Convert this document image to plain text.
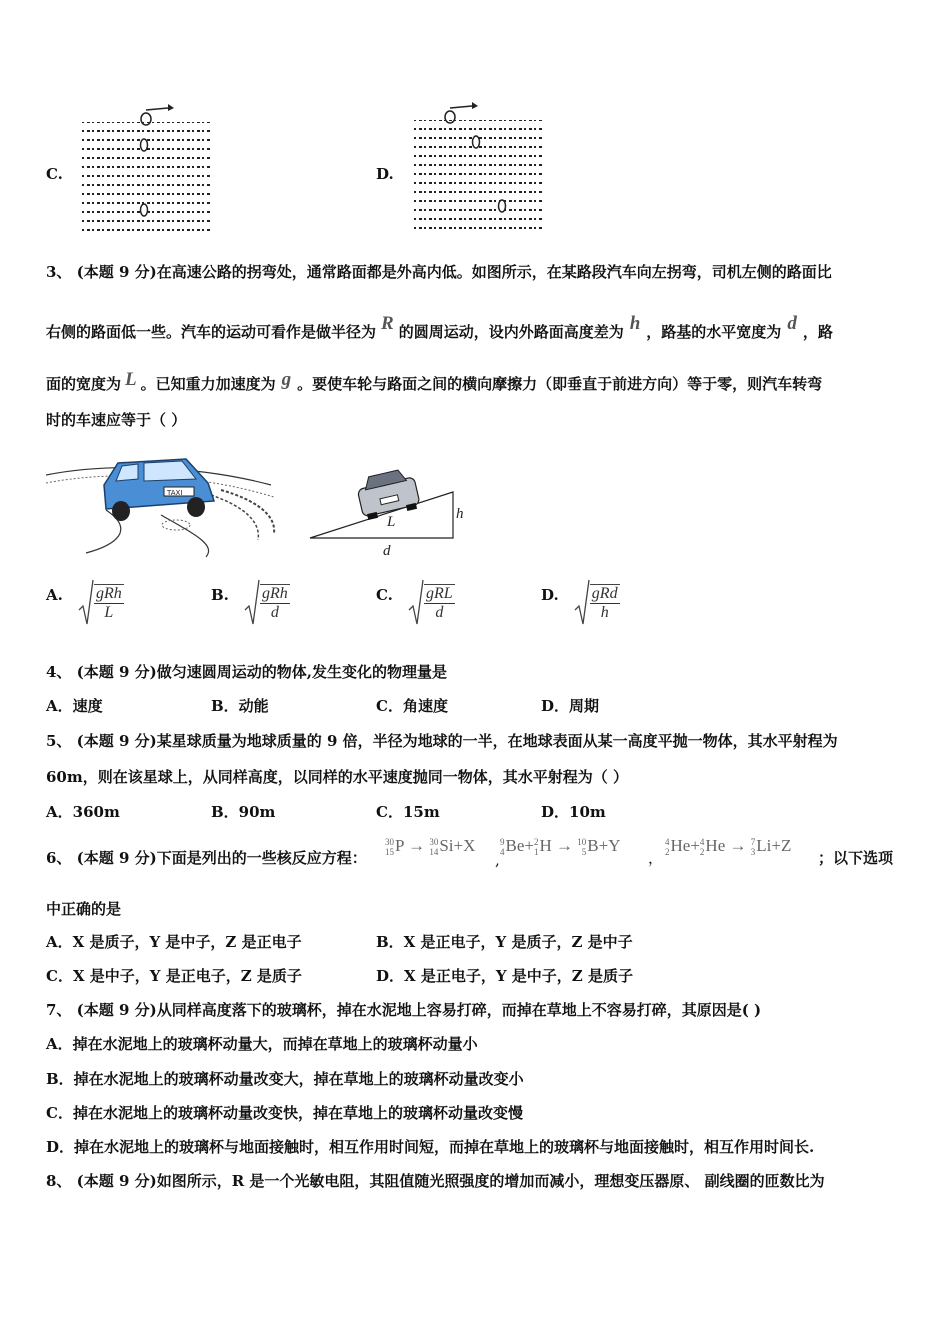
C.	D.
3、 (本题 9 分)在高速公路的拐弯处，通常路面都是外高内低。如图所示，在某路段汽车向左拐弯，司机左侧的路面比
右侧的路面低一些。汽车的运动可看作是做半径为 R 的圆周运动，设内外路面高度差为 h ，路基的水平宽度为 d ，路
面的宽度为 L 。已知重力加速度为 g 。要使车轮与路面之间的横向摩擦力（即垂直于前进方向）等于零，则汽车转弯
时的车速应等于（ ）
TAXI
L	h
d
A. $\frac{\text{gRh}}{L}$	B. $\frac{\text{gRh}}{d}$	C. $\frac{\text{gRL}}{d}$	D. $\frac{\text{gRd}}{h}$
4、 (本题 9 分)做匀速圆周运动的物体,发生变化的物理量是
A．速度	B．动能	C．角速度	D．周期
5、 (本题 9 分)某星球质量为地球质量的 9 倍，半径为地球的一半，在地球表面从某一高度平抛一物体，其水平射程为
60m，则在该星球上，从同样高度，以同样的水平速度抛同一物体，其水平射程为（ ）
A．360m	B．90m	C．15m	D．10m
6、 (本题 9 分)下面是列出的一些核反应方程：
30
15 P → 30
14 Si+X
,
9
4 Be+ 2
1 H → 10
5 B+Y
，
4
2 He+ 4
2 He → 7
3 Li+Z
；以下选项
中正确的是
A．X 是质子，Y 是中子，Z 是正电子	B．X 是正电子，Y 是质子，Z 是中子
C．X 是中子，Y 是正电子，Z 是质子	D．X 是正电子，Y 是中子，Z 是质子
7、 (本题 9 分)从同样高度落下的玻璃杯，掉在水泥地上容易打碎，而掉在草地上不容易打碎，其原因是( )
A．掉在水泥地上的玻璃杯动量大，而掉在草地上的玻璃杯动量小
B．掉在水泥地上的玻璃杯动量改变大，掉在草地上的玻璃杯动量改变小
C．掉在水泥地上的玻璃杯动量改变快，掉在草地上的玻璃杯动量改变慢
D．掉在水泥地上的玻璃杯与地面接触时，相互作用时间短，而掉在草地上的玻璃杯与地面接触时，相互作用时间长.
8、 (本题 9 分)如图所示，R 是一个光敏电阻，其阻值随光照强度的增加而减小，理想变压器原、 副线圈的匝数比为
